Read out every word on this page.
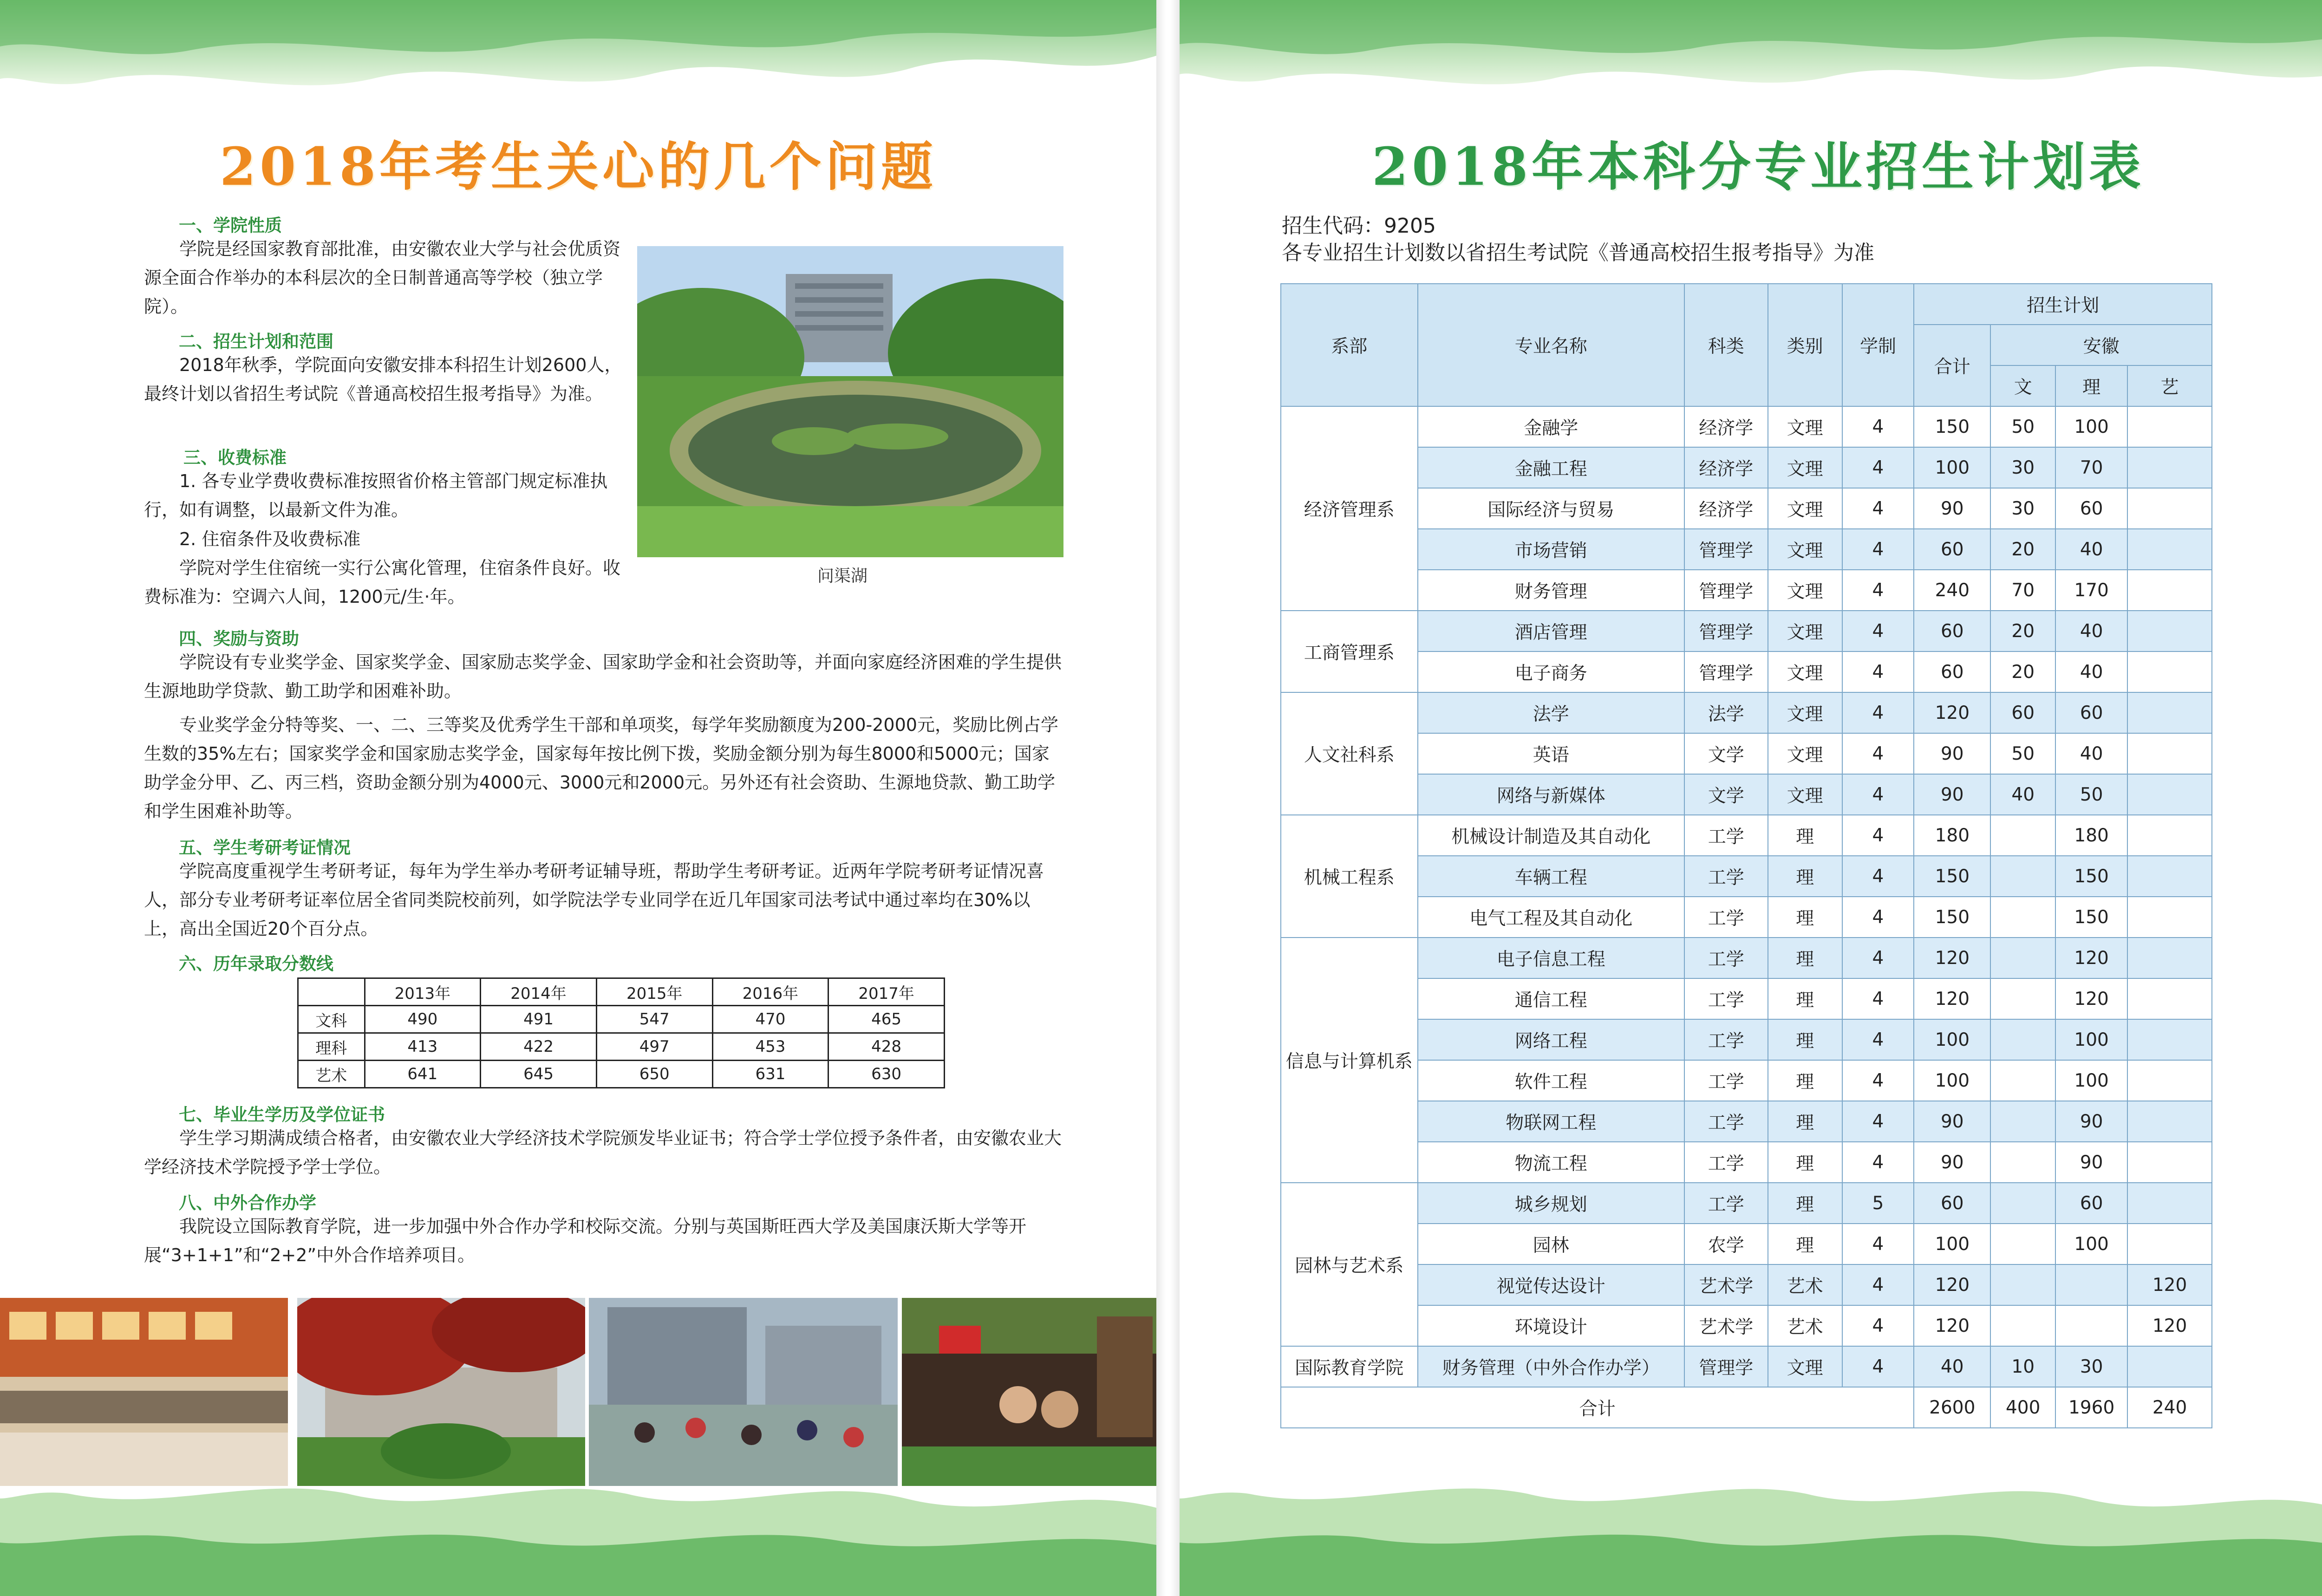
2018年考生关心的几个问题
一、学院性质

学院是经国家教育部批准，由安徽农业大学与社会优质资源全面合作举办的本科层次的全日制普通高等学校（独立学院）。

二、招生计划和范围

2018年秋季，学院面向安徽安排本科招生计划2600人，最终计划以省招生考试院《普通高校招生报考指导》为准。

三、收费标准

1. 各专业学费收费标准按照省价格主管部门规定标准执行，如有调整，以最新文件为准。

2. 住宿条件及收费标准

学院对学生住宿统一实行公寓化管理，住宿条件良好。收费标准为：空调六人间，1200元/生·年。

问渠湖
四、奖励与资助

学院设有专业奖学金、国家奖学金、国家励志奖学金、国家助学金和社会资助等，并面向家庭经济困难的学生提供生源地助学贷款、勤工助学和困难补助。

专业奖学金分特等奖、一、二、三等奖及优秀学生干部和单项奖，每学年奖励额度为200-2000元，奖励比例占学生数的35%左右；国家奖学金和国家励志奖学金，国家每年按比例下拨，奖励金额分别为每生8000和5000元；国家助学金分甲、乙、丙三档，资助金额分别为4000元、3000元和2000元。另外还有社会资助、生源地贷款、勤工助学和学生困难补助等。

五、学生考研考证情况

学院高度重视学生考研考证，每年为学生举办考研考证辅导班，帮助学生考研考证。近两年学院考研考证情况喜人，部分专业考研考证率位居全省同类院校前列，如学院法学专业同学在近几年国家司法考试中通过率均在30%以上，高出全国近20个百分点。

六、历年录取分数线
	2013年	2014年	2015年	2016年	2017年
文科	490	491	547	470	465
理科	413	422	497	453	428
艺术	641	645	650	631	630
七、毕业生学历及学位证书

学生学习期满成绩合格者，由安徽农业大学经济技术学院颁发毕业证书；符合学士学位授予条件者，由安徽农业大学经济技术学院授予学士学位。

八、中外合作办学

我院设立国际教育学院，进一步加强中外合作办学和校际交流。分别与英国斯旺西大学及美国康沃斯大学等开展“3+1+1”和“2+2”中外合作培养项目。

2018年本科分专业招生计划表
招生代码：9205
各专业招生计划数以省招生考试院《普通高校招生报考指导》为准
系部	专业名称	科类	类别	学制	招生计划			
					合计	安徽		
						文	理	艺
经济管理系	金融学	经济学	文理	4	150	50	100	
	金融工程	经济学	文理	4	100	30	70	
	国际经济与贸易	经济学	文理	4	90	30	60	
	市场营销	管理学	文理	4	60	20	40	
	财务管理	管理学	文理	4	240	70	170	
工商管理系	酒店管理	管理学	文理	4	60	20	40	
	电子商务	管理学	文理	4	60	20	40	
人文社科系	法学	法学	文理	4	120	60	60	
	英语	文学	文理	4	90	50	40	
	网络与新媒体	文学	文理	4	90	40	50	
机械工程系	机械设计制造及其自动化	工学	理	4	180		180	
	车辆工程	工学	理	4	150		150	
	电气工程及其自动化	工学	理	4	150		150	
信息与计算机系	电子信息工程	工学	理	4	120		120	
	通信工程	工学	理	4	120		120	
	网络工程	工学	理	4	100		100	
	软件工程	工学	理	4	100		100	
	物联网工程	工学	理	4	90		90	
	物流工程	工学	理	4	90		90	
园林与艺术系	城乡规划	工学	理	5	60		60	
	园林	农学	理	4	100		100	
	视觉传达设计	艺术学	艺术	4	120			120
	环境设计	艺术学	艺术	4	120			120
国际教育学院	财务管理（中外合作办学）	管理学	文理	4	40	10	30	
合计					2600	400	1960	240
